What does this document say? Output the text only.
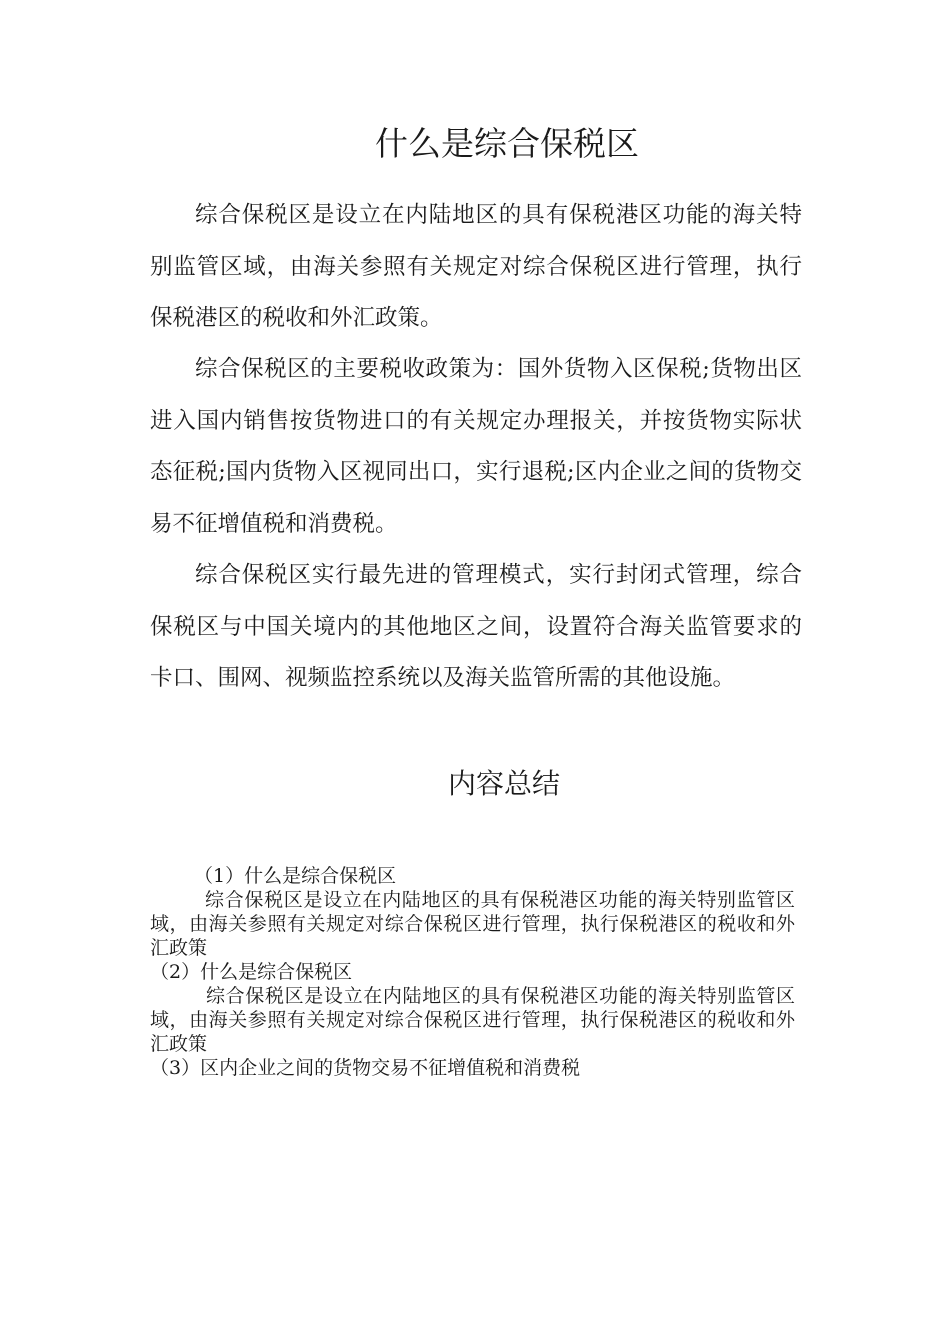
什么是综合保税区

综合保税区是设立在内陆地区的具有保税港区功能的海关特别监管区域，由海关参照有关规定对综合保税区进行管理，执行保税港区的税收和外汇政策。

综合保税区的主要税收政策为：国外货物入区保税;货物出区进入国内销售按货物进口的有关规定办理报关，并按货物实际状态征税;国内货物入区视同出口，实行退税;区内企业之间的货物交易不征增值税和消费税。

综合保税区实行最先进的管理模式，实行封闭式管理，综合保税区与中国关境内的其他地区之间，设置符合海关监管要求的卡口、围网、视频监控系统以及海关监管所需的其他设施。

内容总结

（1）什么是综合保税区

综合保税区是设立在内陆地区的具有保税港区功能的海关特别监管区域，由海关参照有关规定对综合保税区进行管理，执行保税港区的税收和外汇政策

（2）什么是综合保税区

综合保税区是设立在内陆地区的具有保税港区功能的海关特别监管区域，由海关参照有关规定对综合保税区进行管理，执行保税港区的税收和外汇政策

（3）区内企业之间的货物交易不征增值税和消费税
